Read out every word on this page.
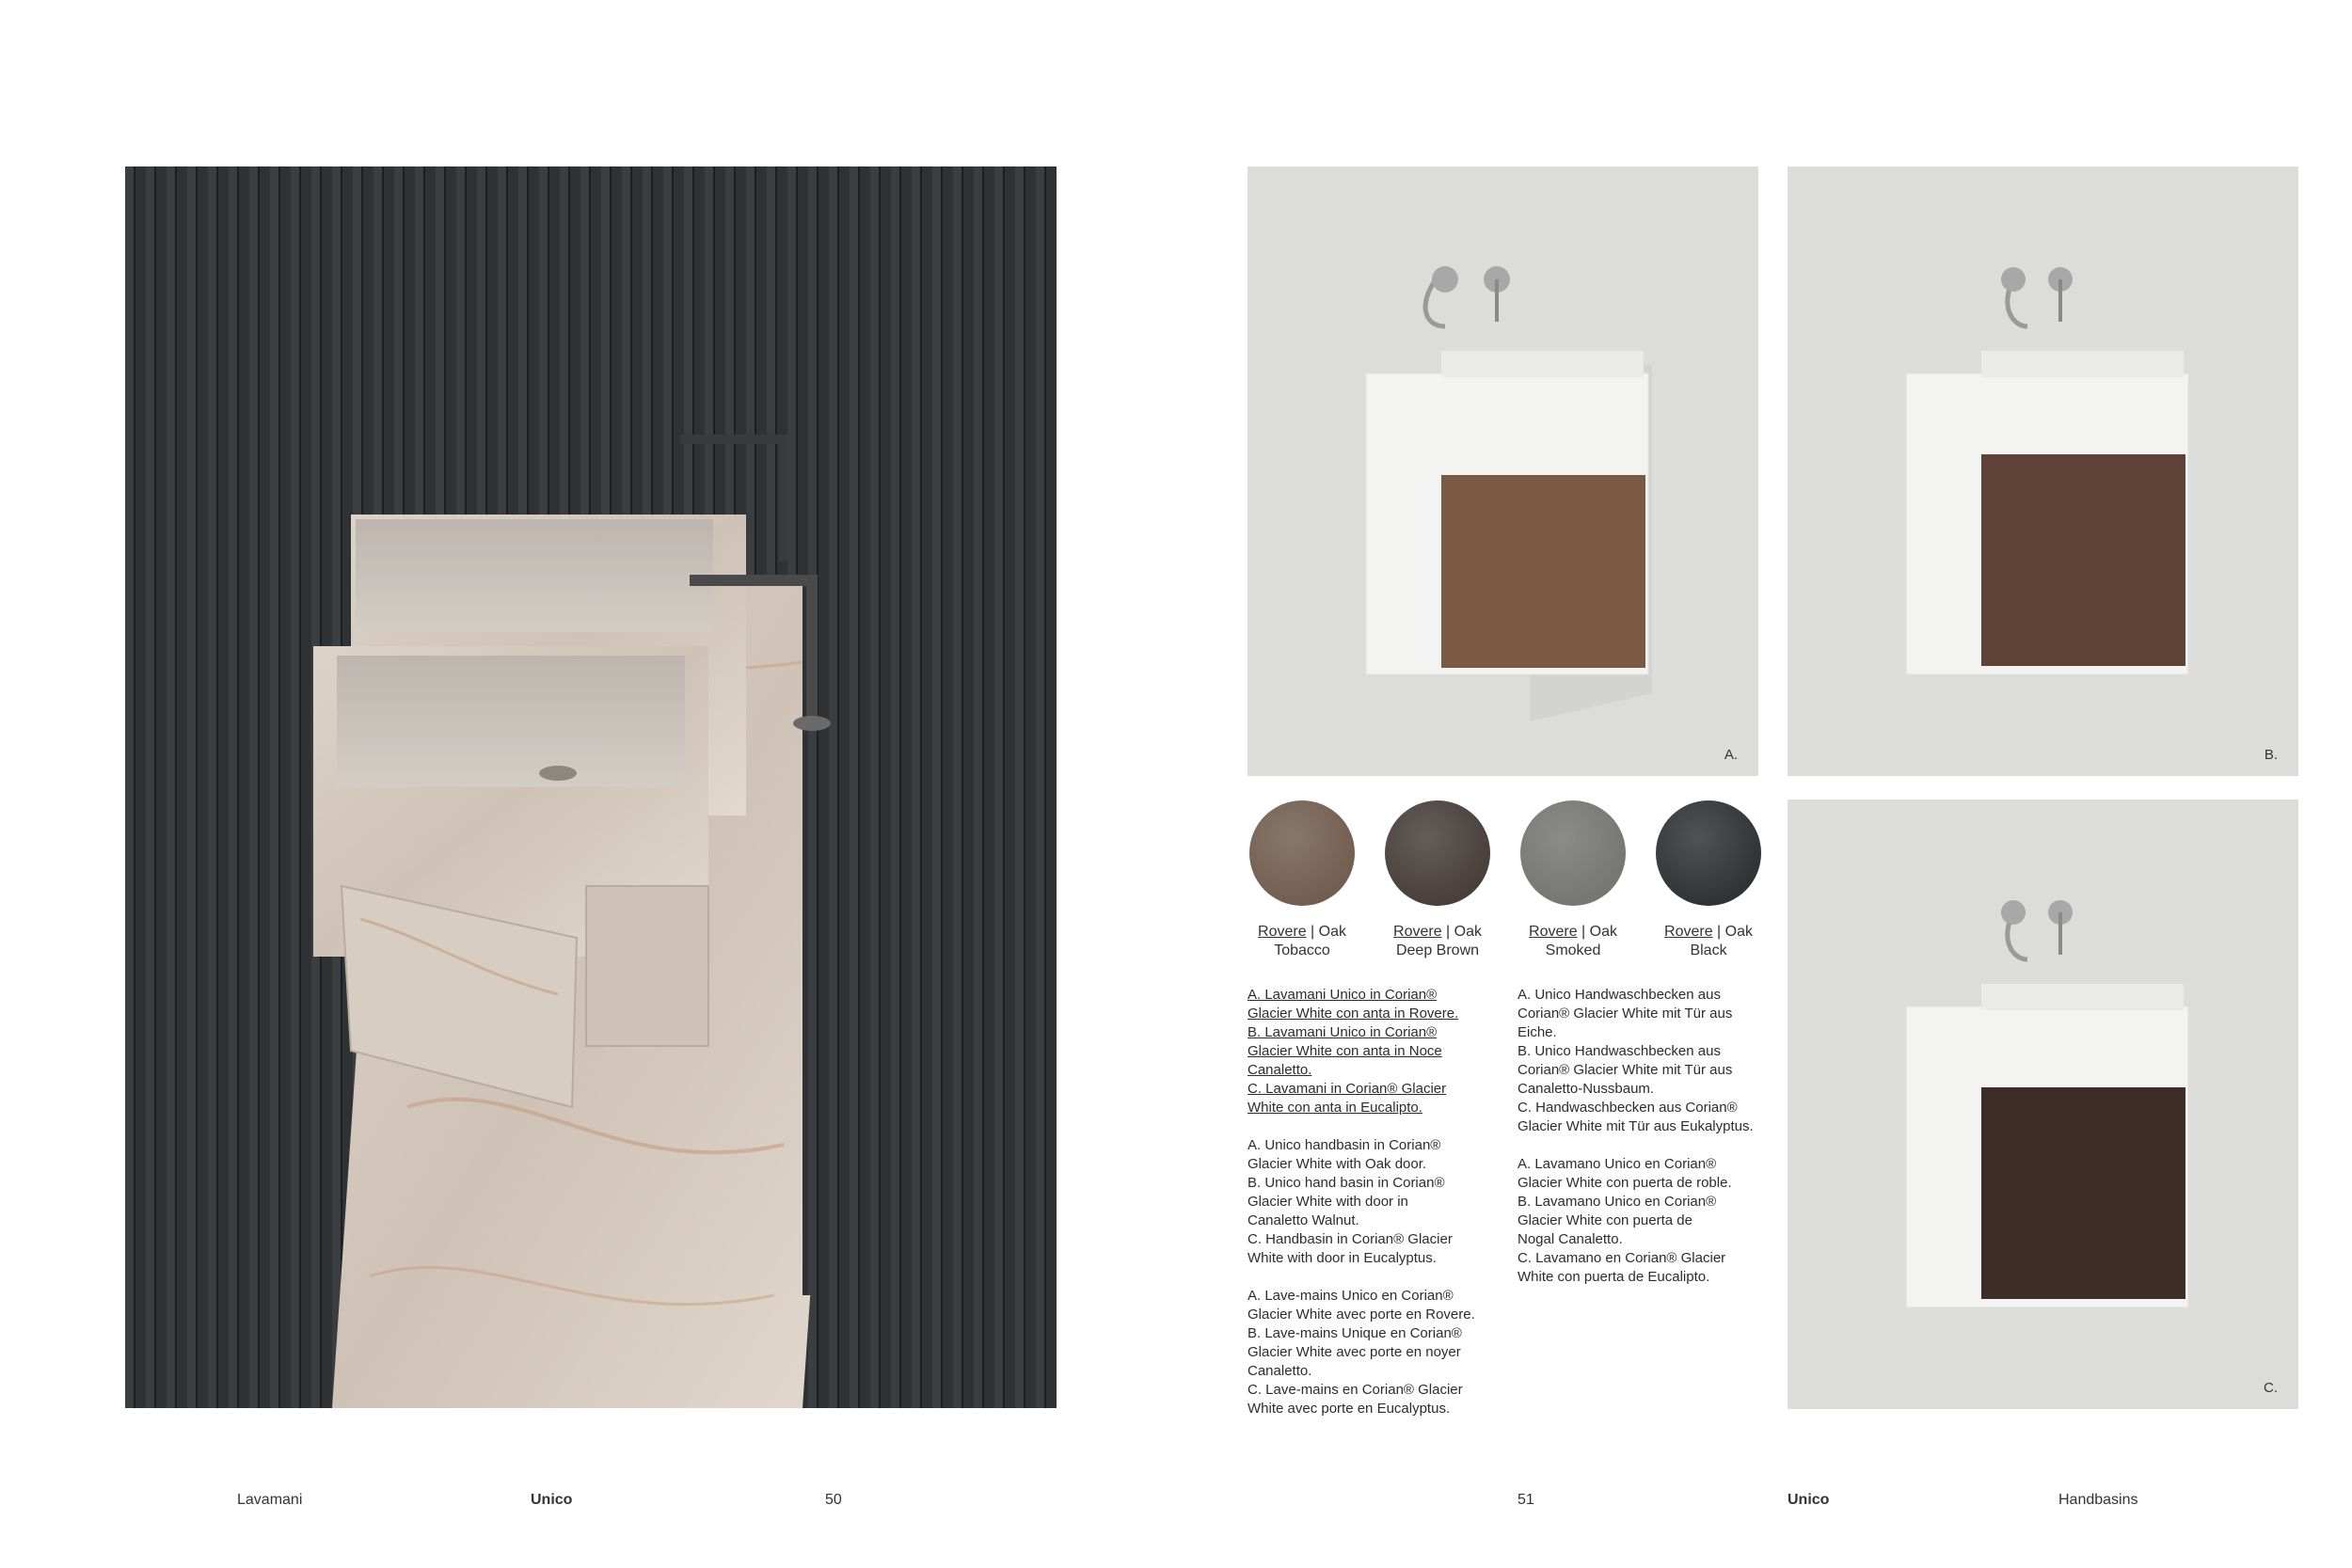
A.	B.
C.
Rovere | Oak
Tobacco
Rovere | Oak
Deep Brown
Rovere | Oak
Smoked
Rovere | Oak
Black

A. Lavamani Unico in Corian®
Glacier White con anta in Rovere.
B. Lavamani Unico in Corian®
Glacier White con anta in Noce
Canaletto.
C. Lavamani in Corian® Glacier
White con anta in Eucalipto.

A. Unico handbasin in Corian®
Glacier White with Oak door.
B. Unico hand basin in Corian®
Glacier White with door in
Canaletto Walnut.
C. Handbasin in Corian® Glacier
White with door in Eucalyptus.

A. Lave-mains Unico en Corian®
Glacier White avec porte en Rovere.
B. Lave-mains Unique en Corian®
Glacier White avec porte en noyer
Canaletto.
C. Lave-mains en Corian® Glacier
White avec porte en Eucalyptus.

A. Unico Handwaschbecken aus
Corian® Glacier White mit Tür aus
Eiche.
B. Unico Handwaschbecken aus
Corian® Glacier White mit Tür aus
Canaletto-Nussbaum.
C. Handwaschbecken aus Corian®
Glacier White mit Tür aus Eukalyptus.

A. Lavamano Unico en Corian®
Glacier White con puerta de roble.
B. Lavamano Unico en Corian®
Glacier White con puerta de
Nogal Canaletto.
C. Lavamano en Corian® Glacier
White con puerta de Eucalipto.

Lavamani	Unico	50	51	Unico	Handbasins
